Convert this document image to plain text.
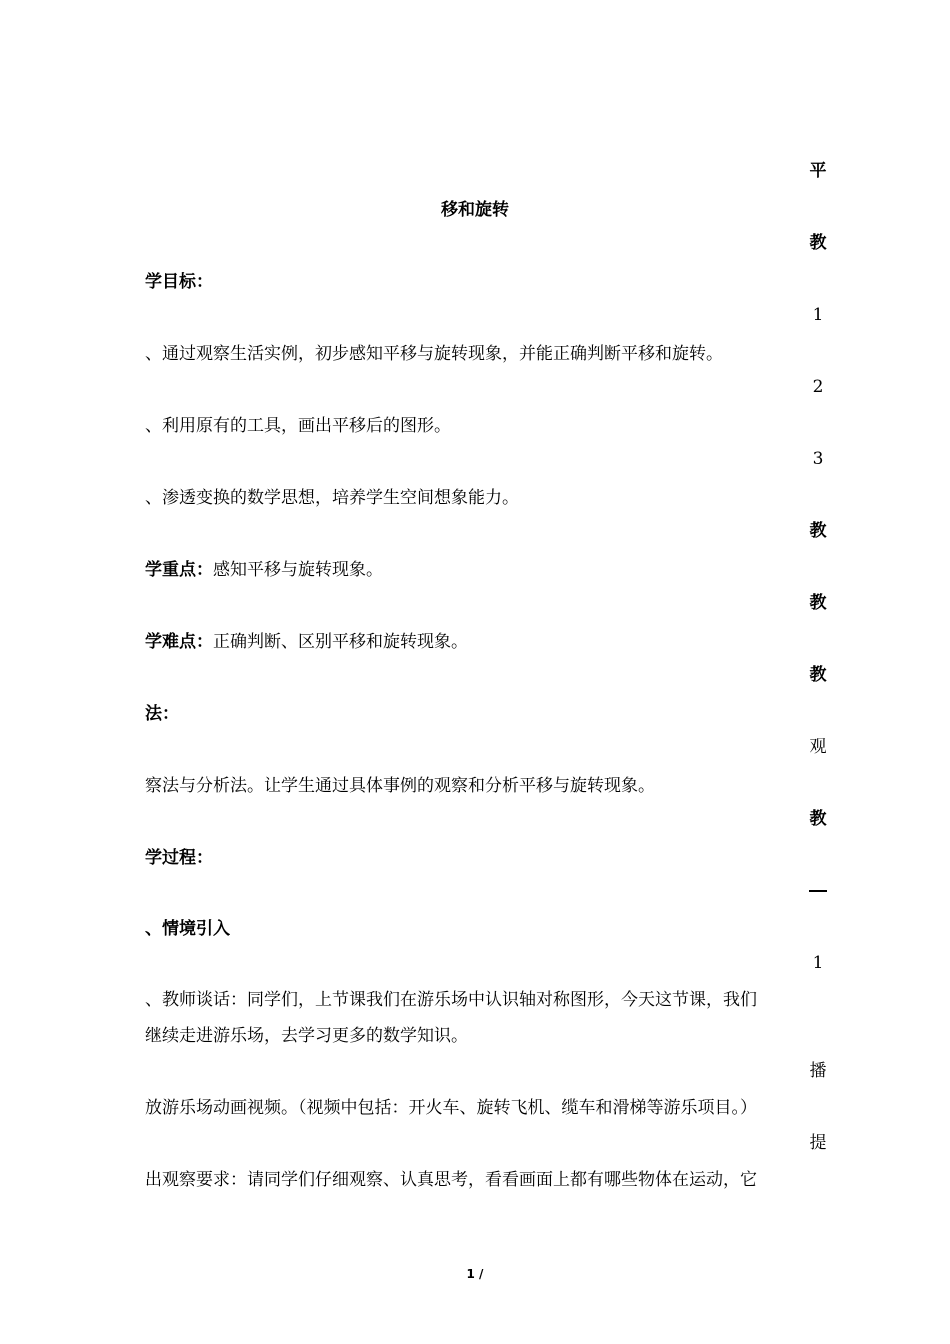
平
移和旋转
教
学目标：
1
、通过观察生活实例，初步感知平移与旋转现象，并能正确判断平移和旋转。
2
、利用原有的工具，画出平移后的图形。
3
、渗透变换的数学思想，培养学生空间想象能力。
教
学重点：感知平移与旋转现象。
教
学难点：正确判断、区别平移和旋转现象。
教
法：
观
察法与分析法。让学生通过具体事例的观察和分析平移与旋转现象。
教
学过程：
、情境引入
1
、教师谈话：同学们，上节课我们在游乐场中认识轴对称图形，今天这节课，我们
继续走进游乐场，去学习更多的数学知识。
播
放游乐场动画视频。（视频中包括：开火车、旋转飞机、缆车和滑梯等游乐项目。）
提
出观察要求：请同学们仔细观察、认真思考，看看画面上都有哪些物体在运动，它
1 /
